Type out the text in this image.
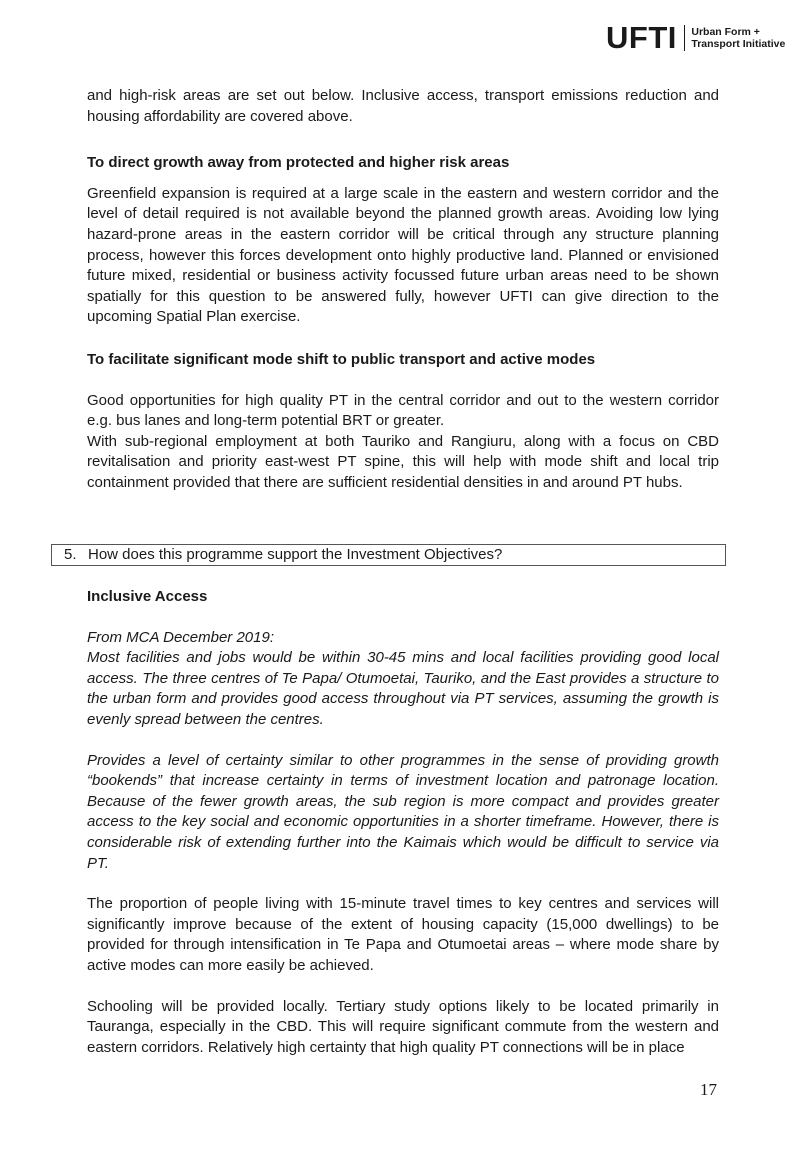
UFTI Urban Form +
Transport Initiative

and high-risk areas are set out below. Inclusive access, transport emissions reduction and housing affordability are covered above.

To direct growth away from protected and higher risk areas

Greenfield expansion is required at a large scale in the eastern and western corridor and the level of detail required is not available beyond the planned growth areas. Avoiding low lying hazard-prone areas in the eastern corridor will be critical through any structure planning process, however this forces development onto highly productive land. Planned or envisioned future mixed, residential or business activity focussed future urban areas need to be shown spatially for this question to be answered fully, however UFTI can give direction to the upcoming Spatial Plan exercise.

To facilitate significant mode shift to public transport and active modes

Good opportunities for high quality PT in the central corridor and out to the western corridor e.g. bus lanes and long-term potential BRT or greater.

With sub-regional employment at both Tauriko and Rangiuru, along with a focus on CBD revitalisation and priority east-west PT spine, this will help with mode shift and local trip containment provided that there are sufficient residential densities in and around PT hubs.

5. How does this programme support the Investment Objectives?
Inclusive Access

From MCA December 2019:

Most facilities and jobs would be within 30-45 mins and local facilities providing good local access. The three centres of Te Papa/ Otumoetai, Tauriko, and the East provides a structure to the urban form and provides good access throughout via PT services, assuming the growth is evenly spread between the centres.

Provides a level of certainty similar to other programmes in the sense of providing growth “bookends” that increase certainty in terms of investment location and patronage location. Because of the fewer growth areas, the sub region is more compact and provides greater access to the key social and economic opportunities in a shorter timeframe. However, there is considerable risk of extending further into the Kaimais which would be difficult to service via PT.

The proportion of people living with 15-minute travel times to key centres and services will significantly improve because of the extent of housing capacity (15,000 dwellings) to be provided for through intensification in Te Papa and Otumoetai areas – where mode share by active modes can more easily be achieved.

Schooling will be provided locally. Tertiary study options likely to be located primarily in Tauranga, especially in the CBD. This will require significant commute from the western and eastern corridors. Relatively high certainty that high quality PT connections will be in place

17
